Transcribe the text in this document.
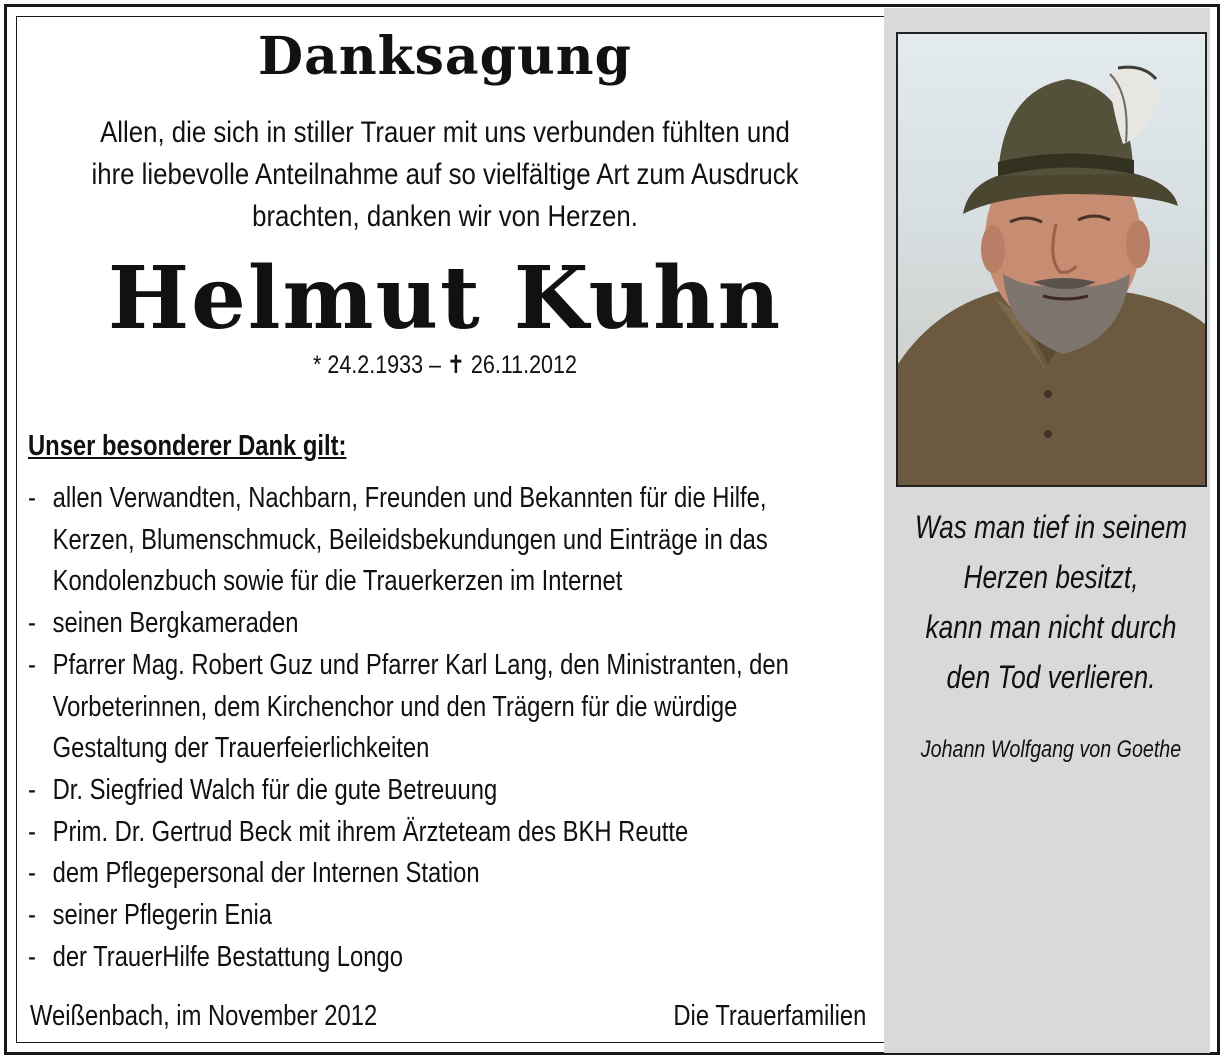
Danksagung
Allen, die sich in stiller Trauer mit uns verbunden fühlten und
ihre liebevolle Anteilnahme auf so vielfältige Art zum Ausdruck
brachten, danken wir von Herzen.
Helmut Kuhn
* 24.2.1933 – ✝ 26.11.2012
Unser besonderer Dank gilt:
- allen Verwandten, Nachbarn, Freunden und Bekannten für die Hilfe,
Kerzen, Blumenschmuck, Beileidsbekundungen und Einträge in das
Kondolenzbuch sowie für die Trauerkerzen im Internet
- seinen Bergkameraden
- Pfarrer Mag. Robert Guz und Pfarrer Karl Lang, den Ministranten, den
Vorbeterinnen, dem Kirchenchor und den Trägern für die würdige
Gestaltung der Trauerfeierlichkeiten
- Dr. Siegfried Walch für die gute Betreuung
- Prim. Dr. Gertrud Beck mit ihrem Ärzteteam des BKH Reutte
- dem Pflegepersonal der Internen Station
- seiner Pflegerin Enia
- der TrauerHilfe Bestattung Longo
Weißenbach, im November 2012	Die Trauerfamilien
Was man tief in seinem
Herzen besitzt,
kann man nicht durch
den Tod verlieren.
Johann Wolfgang von Goethe
